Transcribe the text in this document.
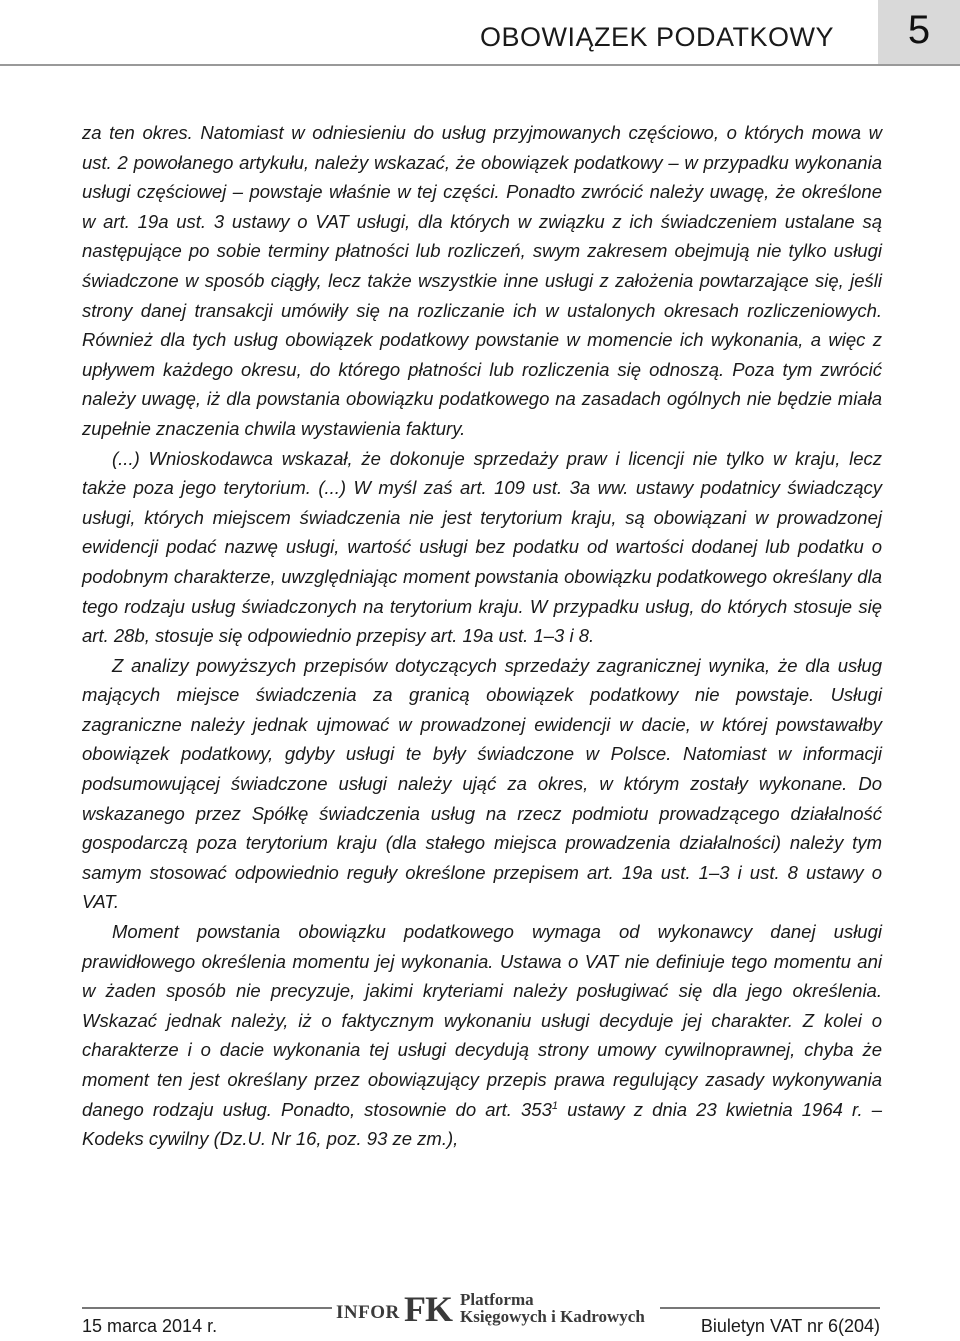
OBOWIĄZEK PODATKOWY	5

za ten okres. Natomiast w odniesieniu do usług przyjmowanych częściowo, o których mowa w ust. 2 powołanego artykułu, należy wskazać, że obowiązek podatkowy – w przypadku wykonania usługi częściowej – powstaje właśnie w tej części. Ponadto zwrócić należy uwagę, że określone w art. 19a ust. 3 ustawy o VAT usługi, dla których w związku z ich świadczeniem ustalane są następujące po sobie terminy płatności lub rozliczeń, swym zakresem obejmują nie tylko usługi świadczone w sposób ciągły, lecz także wszystkie inne usługi z założenia powtarzające się, jeśli strony danej transakcji umówiły się na rozliczanie ich w ustalonych okresach rozliczeniowych. Również dla tych usług obowiązek podatkowy powstanie w momencie ich wykonania, a więc z upływem każdego okresu, do którego płatności lub rozliczenia się odnoszą. Poza tym zwrócić należy uwagę, iż dla powstania obowiązku podatkowego na zasadach ogólnych nie będzie miała zupełnie znaczenia chwila wystawienia faktury.

(...) Wnioskodawca wskazał, że dokonuje sprzedaży praw i licencji nie tylko w kraju, lecz także poza jego terytorium. (...) W myśl zaś art. 109 ust. 3a ww. ustawy podatnicy świadczący usługi, których miejscem świadczenia nie jest terytorium kraju, są obowiązani w prowadzonej ewidencji podać nazwę usługi, wartość usługi bez podatku od wartości dodanej lub podatku o podobnym charakterze, uwzględniając moment powstania obowiązku podatkowego określany dla tego rodzaju usług świadczonych na terytorium kraju. W przypadku usług, do których stosuje się art. 28b, stosuje się odpowiednio przepisy art. 19a ust. 1–3 i 8.

Z analizy powyższych przepisów dotyczących sprzedaży zagranicznej wynika, że dla usług mających miejsce świadczenia za granicą obowiązek podatkowy nie powstaje. Usługi zagraniczne należy jednak ujmować w prowadzonej ewidencji w dacie, w której powstawałby obowiązek podatkowy, gdyby usługi te były świadczone w Polsce. Natomiast w informacji podsumowującej świadczone usługi należy ująć za okres, w którym zostały wykonane. Do wskazanego przez Spółkę świadczenia usług na rzecz podmiotu prowadzącego działalność gospodarczą poza terytorium kraju (dla stałego miejsca prowadzenia działalności) należy tym samym stosować odpowiednio reguły określone przepisem art. 19a ust. 1–3 i ust. 8 ustawy o VAT.

Moment powstania obowiązku podatkowego wymaga od wykonawcy danej usługi prawidłowego określenia momentu jej wykonania. Ustawa o VAT nie definiuje tego momentu ani w żaden sposób nie precyzuje, jakimi kryteriami należy posługiwać się dla jego określenia. Wskazać jednak należy, iż o faktycznym wykonaniu usługi decyduje jej charakter. Z kolei o charakterze i o dacie wykonania tej usługi decydują strony umowy cywilnoprawnej, chyba że moment ten jest określany przez obowiązujący przepis prawa regulujący zasady wykonywania danego rodzaju usług. Ponadto, stosownie do art. $353^1$ ustawy z dnia 23 kwietnia 1964 r. – Kodeks cywilny (Dz.U. Nr 16, poz. 93 ze zm.),

INFOR FK Platforma
Księgowych i Kadrowych
15 marca 2014 r.	Biuletyn VAT nr 6(204)
